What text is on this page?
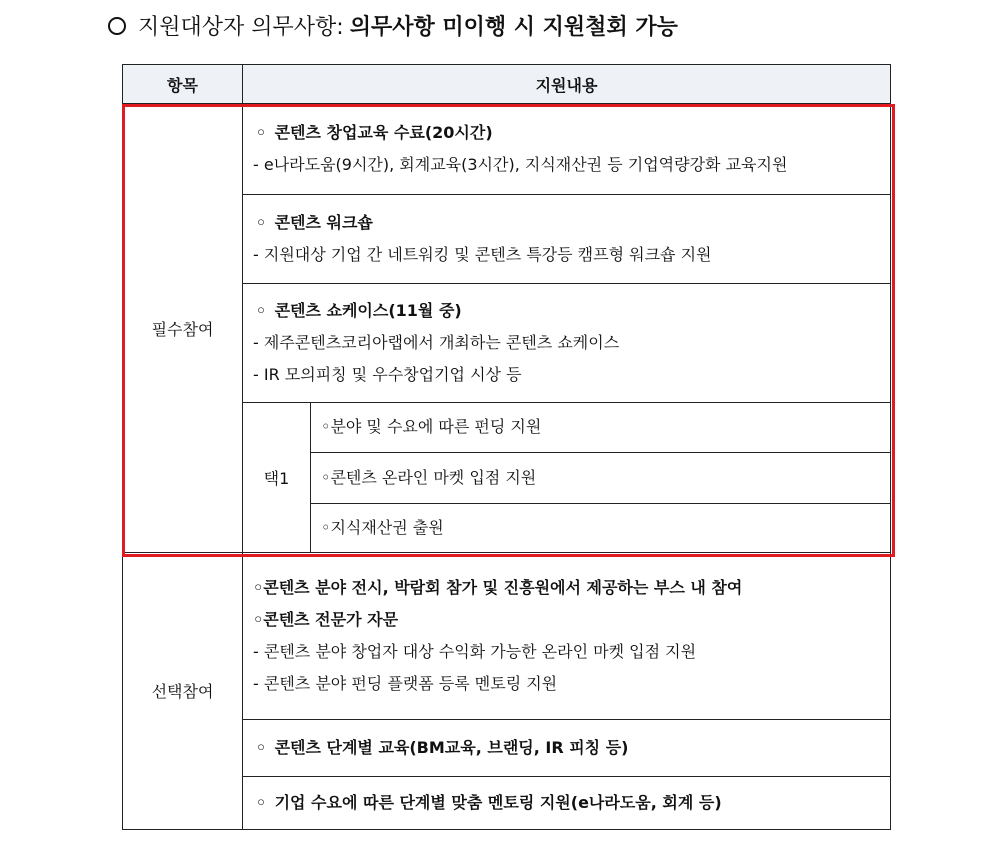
지원대상자 의무사항: 의무사항 미이행 시 지원철회 가능
항목	지원내용	
필수참여	◦ 콘텐츠 창업교육 수료(20시간)
- e나라도움(9시간), 회계교육(3시간), 지식재산권 등 기업역량강화 교육지원	

	◦ 콘텐츠 워크숍
- 지원대상 기업 간 네트워킹 및 콘텐츠 특강등 캠프형 워크숍 지원	

	◦ 콘텐츠 쇼케이스(11월 중)
- 제주콘텐츠코리아랩에서 개최하는 콘텐츠 쇼케이스
- IR 모의피칭 및 우수창업기업 시상 등	

	택1	◦분야 및 수요에 따른 펀딩 지원
		◦콘텐츠 온라인 마켓 입점 지원
		◦지식재산권 출원
선택참여	◦콘텐츠 분야 전시, 박람회 참가 및 진흥원에서 제공하는 부스 내 참여
◦콘텐츠 전문가 자문
- 콘텐츠 분야 창업자 대상 수익화 가능한 온라인 마켓 입점 지원
- 콘텐츠 분야 펀딩 플랫폼 등록 멘토링 지원	

	◦ 콘텐츠 단계별 교육(BM교육, 브랜딩, IR 피칭 등)	

	◦ 기업 수요에 따른 단계별 맞춤 멘토링 지원(e나라도움, 회계 등)	
